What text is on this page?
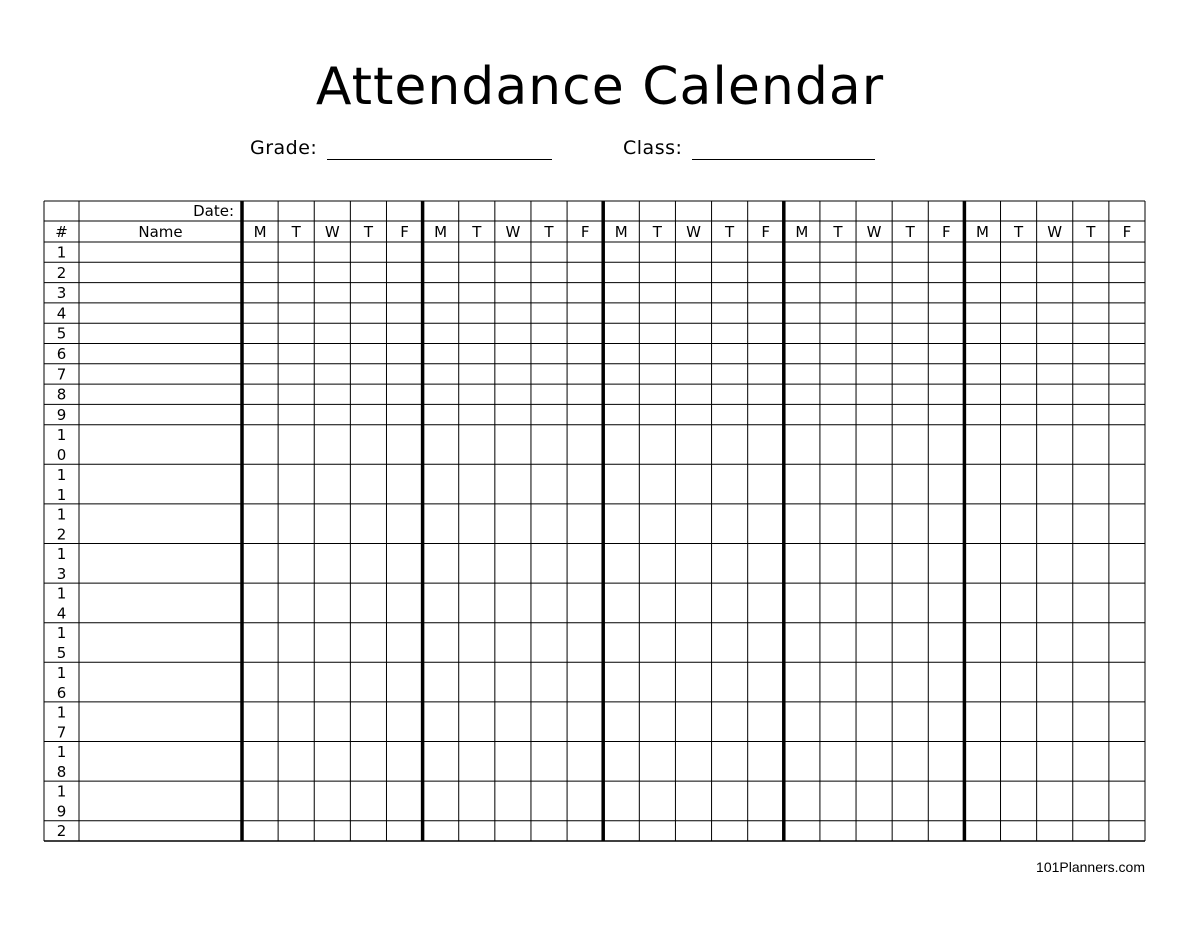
Attendance Calendar
Grade:	Class:
Date:
#	Name	M T W T F M T W T F M T W T F M T W T F M T W T F
1
2
3
4
5
6
7
8
9
1 0
1 1
1 2
1 3
1 4
1 5
1 6
1 7
1 8
1 9
2
101Planners.com
